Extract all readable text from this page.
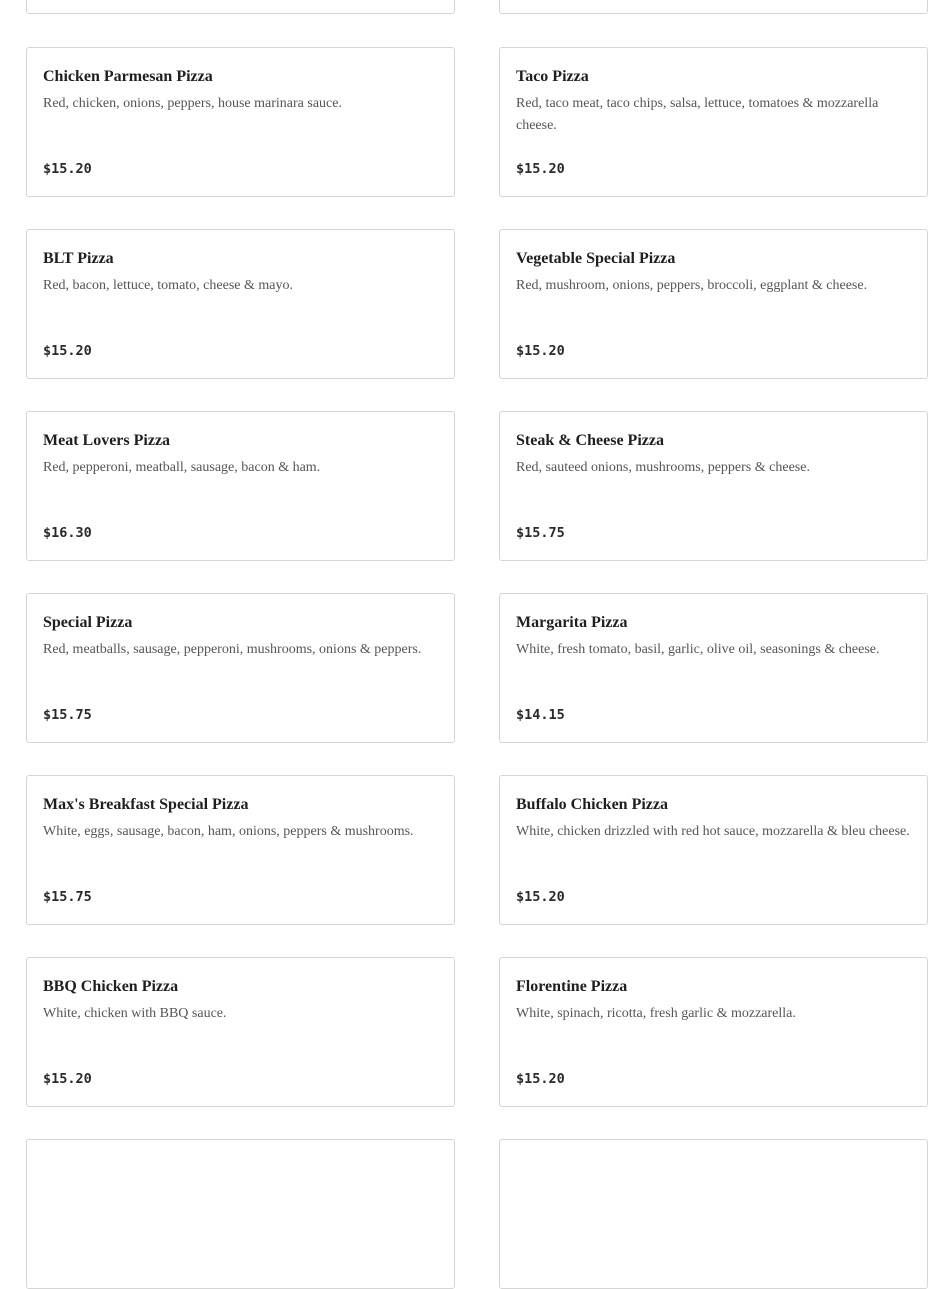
Chicken Parmesan Pizza

Red, chicken, onions, peppers, house marinara sauce.

$15.20

Taco Pizza

Red, taco meat, taco chips, salsa, lettuce, tomatoes & mozzarella cheese.

$15.20

BLT Pizza

Red, bacon, lettuce, tomato, cheese & mayo.

$15.20

Vegetable Special Pizza

Red, mushroom, onions, peppers, broccoli, eggplant & cheese.

$15.20

Meat Lovers Pizza

Red, pepperoni, meatball, sausage, bacon & ham.

$16.30

Steak & Cheese Pizza

Red, sauteed onions, mushrooms, peppers & cheese.

$15.75

Special Pizza

Red, meatballs, sausage, pepperoni, mushrooms, onions & peppers.

$15.75

Margarita Pizza

White, fresh tomato, basil, garlic, olive oil, seasonings & cheese.

$14.15

Max's Breakfast Special Pizza

White, eggs, sausage, bacon, ham, onions, peppers & mushrooms.

$15.75

Buffalo Chicken Pizza

White, chicken drizzled with red hot sauce, mozzarella & bleu cheese.

$15.20

BBQ Chicken Pizza

White, chicken with BBQ sauce.

$15.20

Florentine Pizza

White, spinach, ricotta, fresh garlic & mozzarella.

$15.20
